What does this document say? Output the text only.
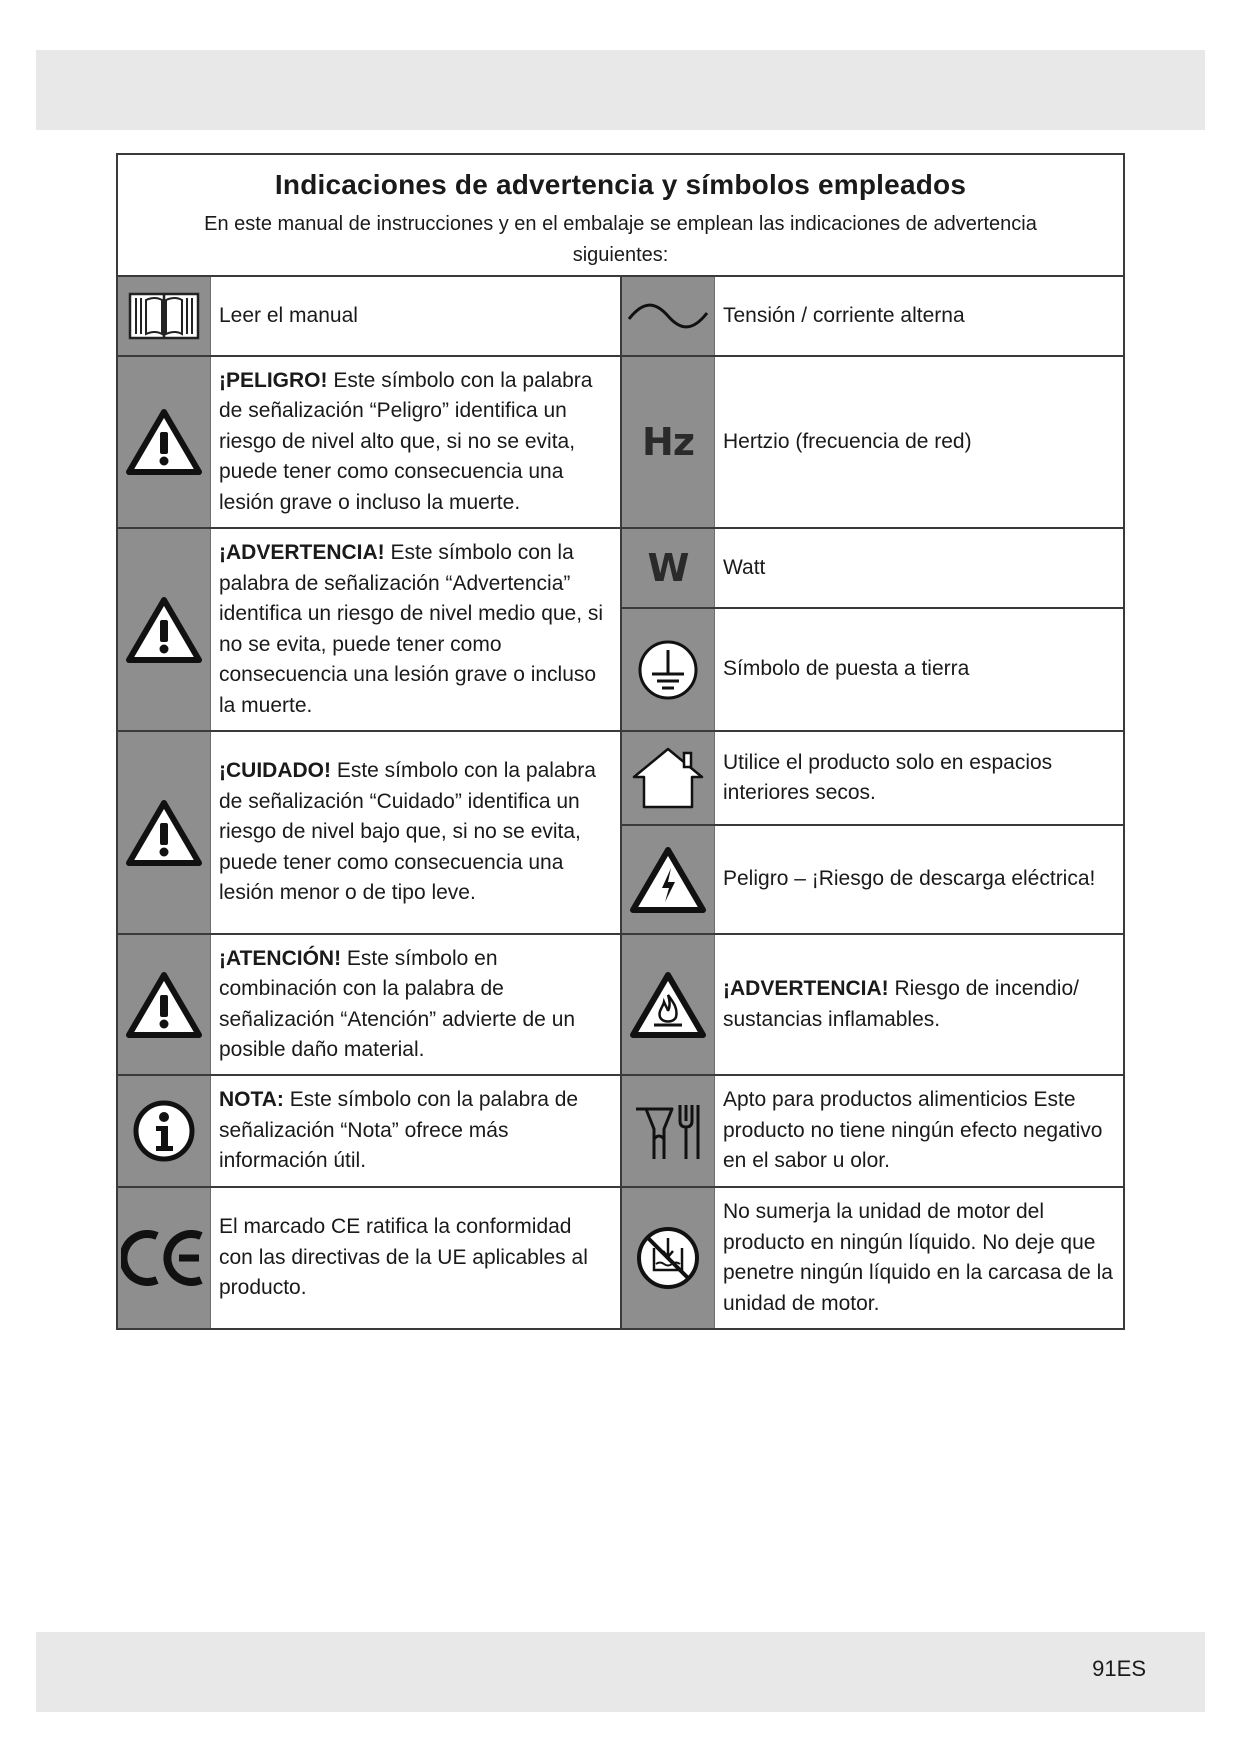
Indicaciones de advertencia y símbolos empleados
En este manual de instrucciones y en el embalaje se emplean las indicaciones de advertencia siguientes:

Leer el manual

¡PELIGRO! Este símbolo con la palabra de señalización “Peligro” identifica un riesgo de nivel alto que, si no se evita, puede tener como consecuencia una lesión grave o incluso la muerte.

¡ADVERTENCIA! Este símbolo con la palabra de señalización “Advertencia” identifica un riesgo de nivel medio que, si no se evita, puede tener como consecuencia una lesión grave o incluso la muerte.

¡CUIDADO! Este símbolo con la palabra de señalización “Cuidado” identifica un riesgo de nivel bajo que, si no se evita, puede tener como consecuencia una lesión menor o de tipo leve.

¡ATENCIÓN! Este símbolo en combinación con la palabra de señalización “Atención” advierte de un posible daño material.

NOTA: Este símbolo con la palabra de señalización “Nota” ofrece más información útil.

El marcado CE ratifica la conformidad con las directivas de la UE aplicables al producto.

Tensión / corriente alterna

Hz Hertzio (frecuencia de red)

W Watt

Símbolo de puesta a tierra

Utilice el producto solo en espacios interiores secos.

Peligro – ¡Riesgo de descarga eléctrica!

¡ADVERTENCIA! Riesgo de incendio/ sustancias inflamables.

Apto para productos alimenticios Este producto no tiene ningún efecto negativo en el sabor u olor.

No sumerja la unidad de motor del producto en ningún líquido. No deje que penetre ningún líquido en la carcasa de la unidad de motor.

91ES
